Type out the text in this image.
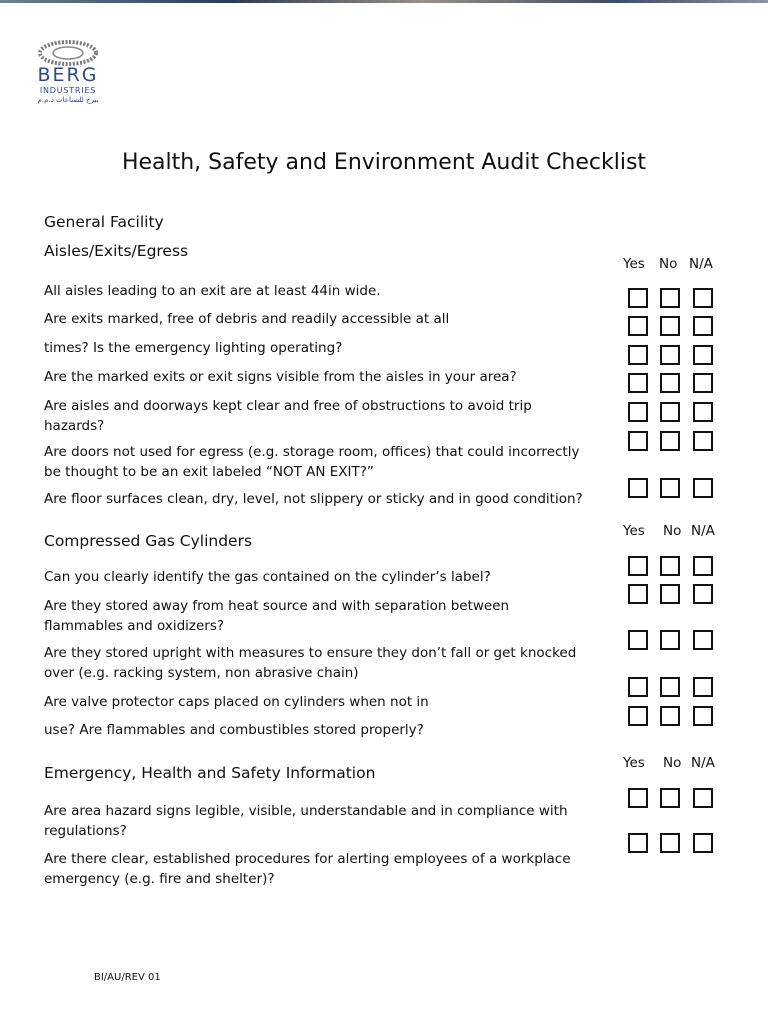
BERG
INDUSTRIES
بيرج للصناعات ذ.م.م
Health, Safety and Environment Audit Checklist
General Facility
Aisles/Exits/Egress
Yes No N/A
All aisles leading to an exit are at least 44in wide.
Are exits marked, free of debris and readily accessible at all
times? Is the emergency lighting operating?
Are the marked exits or exit signs visible from the aisles in your area?
Are aisles and doorways kept clear and free of obstructions to avoid trip hazards?
Are doors not used for egress (e.g. storage room, offices) that could incorrectly be thought to be an exit labeled “NOT AN EXIT?”
Are floor surfaces clean, dry, level, not slippery or sticky and in good condition?
Yes No N/A
Compressed Gas Cylinders
Can you clearly identify the gas contained on the cylinder’s label?
Are they stored away from heat source and with separation between flammables and oxidizers?
Are they stored upright with measures to ensure they don’t fall or get knocked over (e.g. racking system, non abrasive chain)
Are valve protector caps placed on cylinders when not in
use? Are flammables and combustibles stored properly?
Yes No N/A
Emergency, Health and Safety Information
Are area hazard signs legible, visible, understandable and in compliance with regulations?
Are there clear, established procedures for alerting employees of a workplace emergency (e.g. fire and shelter)?
BI/AU/REV 01
